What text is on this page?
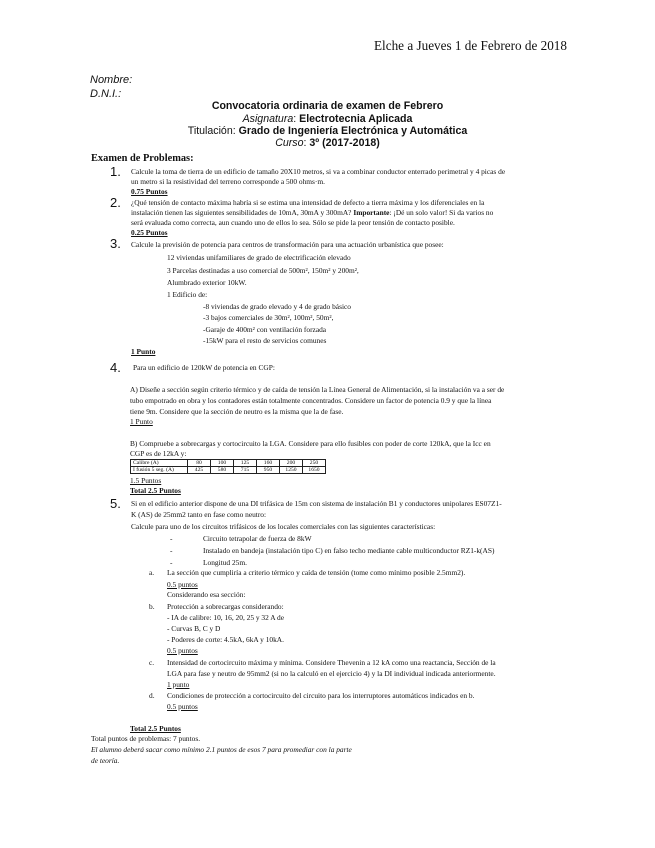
Elche a Jueves 1 de Febrero de 2018
Nombre:
D.N.I.:
Convocatoria ordinaria de examen de Febrero
Asignatura: Electrotecnia Aplicada
Titulación: Grado de Ingeniería Electrónica y Automática
Curso: 3º (2017-2018)
Examen de Problemas:
1. Calcule la toma de tierra de un edificio de tamaño 20X10 metros, si va a combinar conductor enterrado perimetral y 4 picas de
un metro si la resistividad del terreno corresponde a 500 ohms·m.
0.75 Puntos
2. ¿Qué tensión de contacto máxima habría si se estima una intensidad de defecto a tierra máxima y los diferenciales en la
instalación tienen las siguientes sensibilidades de 10mA, 30mA y 300mA? Importante: ¡Dé un solo valor! Si da varios no
será evaluada como correcta, aun cuando uno de ellos lo sea. Sólo se pide la peor tensión de contacto posible.
0.25 Puntos
3. Calcule la previsión de potencia para centros de transformación para una actuación urbanística que posee:
12 viviendas unifamiliares de grado de electrificación elevado
3 Parcelas destinadas a uso comercial de 500m², 150m² y 200m²,
Alumbrado exterior 10kW.
1 Edificio de:
-8 viviendas de grado elevado y 4 de grado básico
-3 bajos comerciales de 30m², 100m², 50m²,
-Garaje de 400m² con ventilación forzada
-15kW para el resto de servicios comunes
1 Punto
4. Para un edificio de 120kW de potencia en CGP:
A) Diseñe a sección según criterio térmico y de caída de tensión la Línea General de Alimentación, si la instalación va a ser de
tubo empotrado en obra y los contadores están totalmente concentrados. Considere un factor de potencia 0.9 y que la línea
tiene 9m. Considere que la sección de neutro es la misma que la de fase.
1 Punto
B) Compruebe a sobrecargas y cortocircuito la LGA. Considere para ello fusibles con poder de corte 120kA, que la Icc en
CGP es de 12kA y:
Calibre (A)	80	100	125	160	200	250
I fusión 5 seg. (A)	425	580	715	950	1250	1650
1.5 Puntos
Total 2.5 Puntos
5. Si en el edificio anterior dispone de una DI trifásica de 15m con sistema de instalación B1 y conductores unipolares ES07Z1-
K (AS) de 25mm2 tanto en fase como neutro:
Calcule para uno de los circuitos trifásicos de los locales comerciales con las siguientes características:
-	Circuito tetrapolar de fuerza de 8kW
-	Instalado en bandeja (instalación tipo C) en falso techo mediante cable multiconductor RZ1-k(AS)
-	Longitud 25m.
a. La sección que cumpliría a criterio térmico y caída de tensión (tome como mínimo posible 2.5mm2).
0.5 puntos
Considerando esa sección:
b. Protección a sobrecargas considerando:
- IA de calibre: 10, 16, 20, 25 y 32 A de
- Curvas B, C y D
- Poderes de corte: 4.5kA, 6kA y 10kA.
0.5 puntos
c. Intensidad de cortocircuito máxima y mínima. Considere Thevenin a 12 kA como una reactancia, Sección de la
LGA para fase y neutro de 95mm2 (si no la calculó en el ejercicio 4) y la DI individual indicada anteriormente.
1 punto
d. Condiciones de protección a cortocircuito del circuito para los interruptores automáticos indicados en b.
0.5 puntos
Total 2.5 Puntos
Total puntos de problemas: 7 puntos.
El alumno deberá sacar como mínimo 2.1 puntos de esos 7 para promediar con la parte
de teoría.
